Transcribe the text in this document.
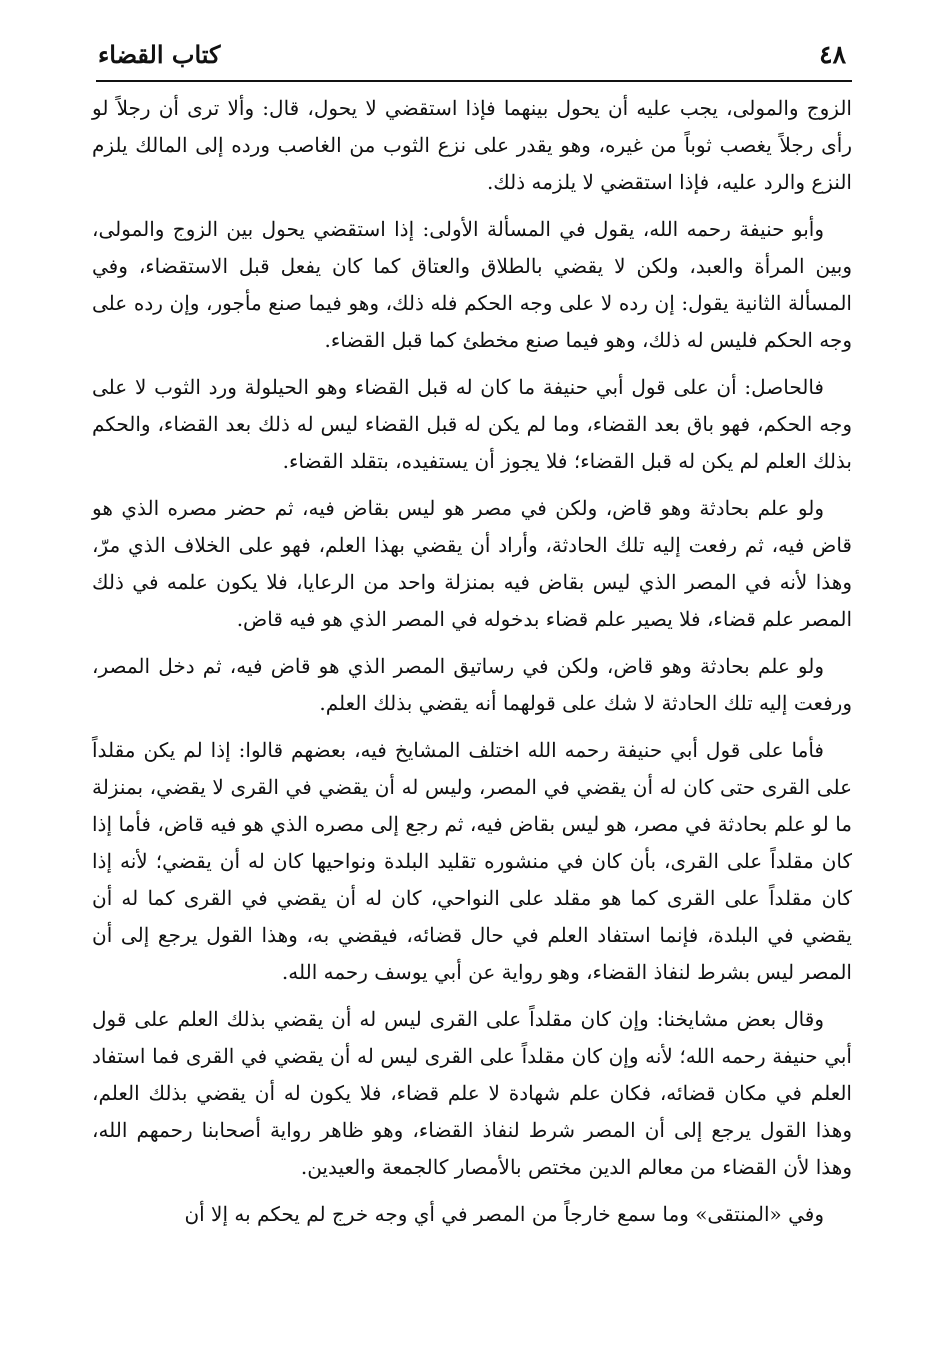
٤٨
كتاب القضاء

الزوج والمولى، يجب عليه أن يحول بينهما فإذا استقضي لا يحول، قال: وألا ترى أن رجلاً لو رأى رجلاً يغصب ثوباً من غيره، وهو يقدر على نزع الثوب من الغاصب ورده إلى المالك يلزم النزع والرد عليه، فإذا استقضي لا يلزمه ذلك.

وأبو حنيفة رحمه الله، يقول في المسألة الأولى: إذا استقضي يحول بين الزوج والمولى، وبين المرأة والعبد، ولكن لا يقضي بالطلاق والعتاق كما كان يفعل قبل الاستقضاء، وفي المسألة الثانية يقول: إن رده لا على وجه الحكم فله ذلك، وهو فيما صنع مأجور، وإن رده على وجه الحكم فليس له ذلك، وهو فيما صنع مخطئ كما قبل القضاء.

فالحاصل: أن على قول أبي حنيفة ما كان له قبل القضاء وهو الحيلولة ورد الثوب لا على وجه الحكم، فهو باق بعد القضاء، وما لم يكن له قبل القضاء ليس له ذلك بعد القضاء، والحكم بذلك العلم لم يكن له قبل القضاء؛ فلا يجوز أن يستفيده، بتقلد القضاء.

ولو علم بحادثة وهو قاض، ولكن في مصر هو ليس بقاض فيه، ثم حضر مصره الذي هو قاض فيه، ثم رفعت إليه تلك الحادثة، وأراد أن يقضي بهذا العلم، فهو على الخلاف الذي مرّ، وهذا لأنه في المصر الذي ليس بقاض فيه بمنزلة واحد من الرعايا، فلا يكون علمه في ذلك المصر علم قضاء، فلا يصير علم قضاء بدخوله في المصر الذي هو فيه قاض.

ولو علم بحادثة وهو قاض، ولكن في رساتيق المصر الذي هو قاض فيه، ثم دخل المصر، ورفعت إليه تلك الحادثة لا شك على قولهما أنه يقضي بذلك العلم.

فأما على قول أبي حنيفة رحمه الله اختلف المشايخ فيه، بعضهم قالوا: إذا لم يكن مقلداً على القرى حتى كان له أن يقضي في المصر، وليس له أن يقضي في القرى لا يقضي، بمنزلة ما لو علم بحادثة في مصر، هو ليس بقاض فيه، ثم رجع إلى مصره الذي هو فيه قاض، فأما إذا كان مقلداً على القرى، بأن كان في منشوره تقليد البلدة ونواحيها كان له أن يقضي؛ لأنه إذا كان مقلداً على القرى كما هو مقلد على النواحي، كان له أن يقضي في القرى كما له أن يقضي في البلدة، فإنما استفاد العلم في حال قضائه، فيقضي به، وهذا القول يرجع إلى أن المصر ليس بشرط لنفاذ القضاء، وهو رواية عن أبي يوسف رحمه الله.

وقال بعض مشايخنا: وإن كان مقلداً على القرى ليس له أن يقضي بذلك العلم على قول أبي حنيفة رحمه الله؛ لأنه وإن كان مقلداً على القرى ليس له أن يقضي في القرى فما استفاد العلم في مكان قضائه، فكان علم شهادة لا علم قضاء، فلا يكون له أن يقضي بذلك العلم، وهذا القول يرجع إلى أن المصر شرط لنفاذ القضاء، وهو ظاهر رواية أصحابنا رحمهم الله، وهذا لأن القضاء من معالم الدين مختص بالأمصار كالجمعة والعيدين.

وفي «المنتقى» وما سمع خارجاً من المصر في أي وجه خرج لم يحكم به إلا أن
